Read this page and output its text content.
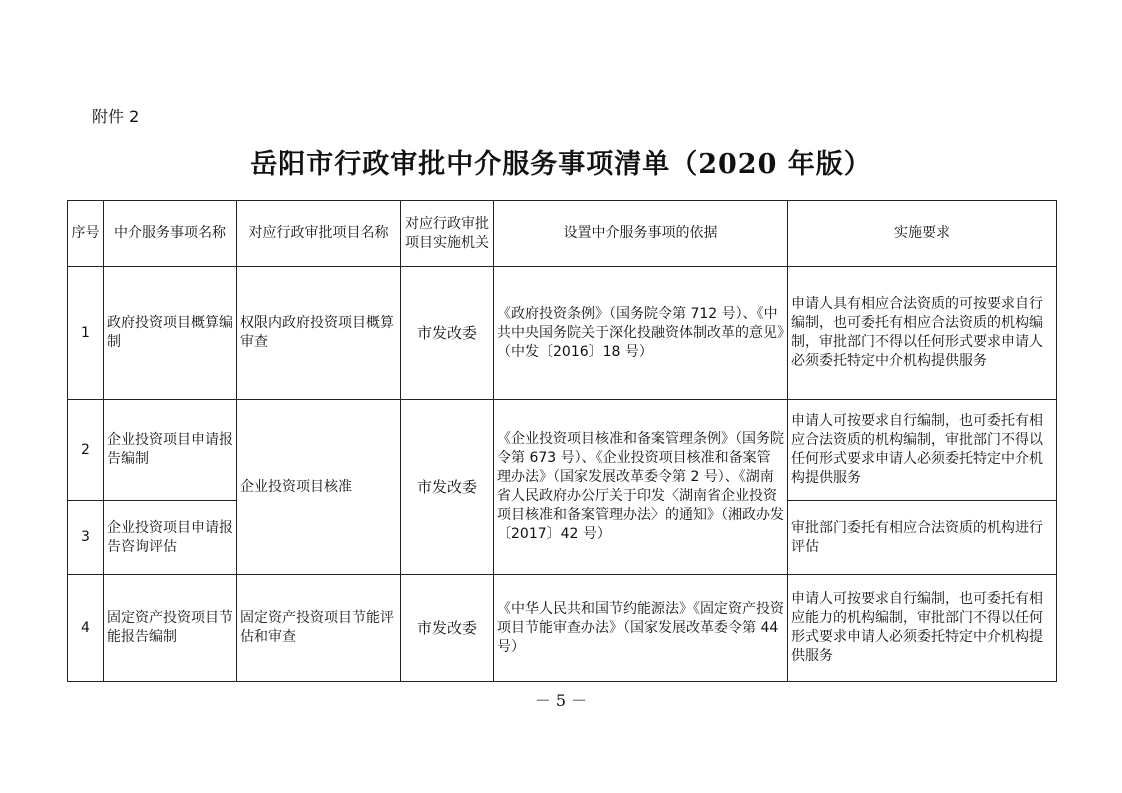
附件 2
岳阳市行政审批中介服务事项清单（2020 年版）
序号	中介服务事项名称	对应行政审批项目名称	对应行政审批项目实施机关	设置中介服务事项的依据	实施要求
1	政府投资项目概算编制	权限内政府投资项目概算审查	市发改委	《政府投资条例》（国务院令第 712 号）、《中共中央国务院关于深化投融资体制改革的意见》（中发〔2016〕18 号）	申请人具有相应合法资质的可按要求自行编制，也可委托有相应合法资质的机构编制，审批部门不得以任何形式要求申请人必须委托特定中介机构提供服务
2	企业投资项目申请报告编制	企业投资项目核准	市发改委	《企业投资项目核准和备案管理条例》（国务院令第 673 号）、《企业投资项目核准和备案管理办法》（国家发展改革委令第 2 号）、《湖南省人民政府办公厅关于印发〈湖南省企业投资项目核准和备案管理办法〉的通知》（湘政办发〔2017〕42 号）	申请人可按要求自行编制，也可委托有相应合法资质的机构编制，审批部门不得以任何形式要求申请人必须委托特定中介机构提供服务
3	企业投资项目申请报告咨询评估				审批部门委托有相应合法资质的机构进行评估
4	固定资产投资项目节能报告编制	固定资产投资项目节能评估和审查	市发改委	《中华人民共和国节约能源法》《固定资产投资项目节能审查办法》（国家发展改革委令第 44 号）	申请人可按要求自行编制，也可委托有相应能力的机构编制，审批部门不得以任何形式要求申请人必须委托特定中介机构提供服务
－ 5 －
